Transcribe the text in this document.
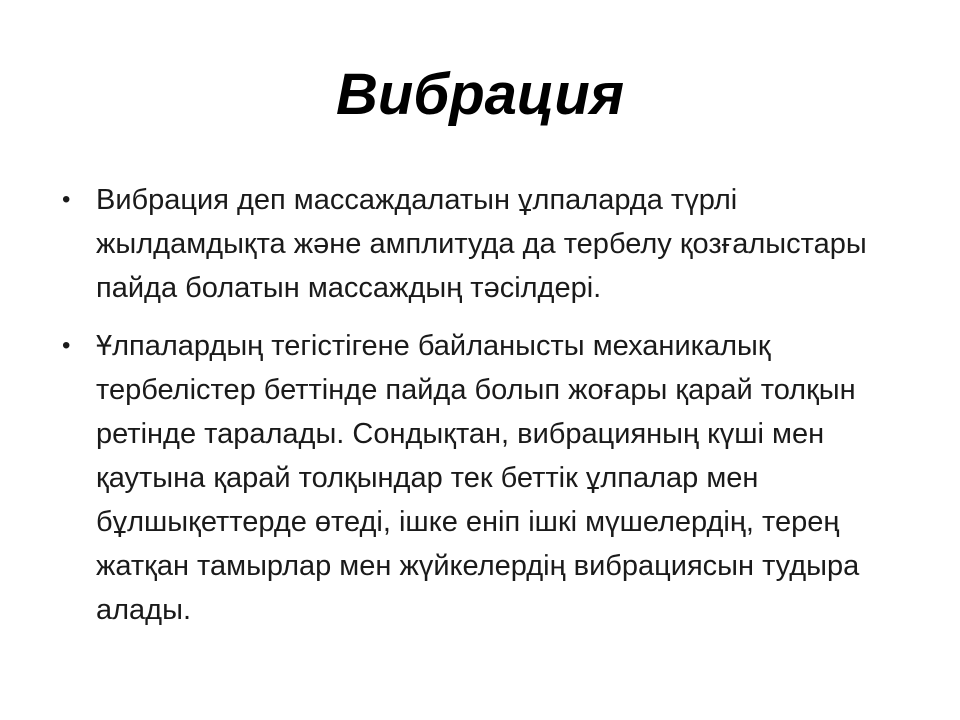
Вибрация
• Вибрация деп массаждалатын ұлпаларда түрлі жылдамдықта және амплитуда да тербелу қозғалыстары пайда болатын массаждың тәсілдері.
• Ұлпалардың тегістігене байланысты механикалық тербелістер беттінде пайда болып жоғары қарай толқын ретінде таралады. Сондықтан, вибрацияның күші мен қаутына қарай толқындар тек беттік ұлпалар мен бұлшықеттерде өтеді, ішке еніп ішкі мүшелердің, терең жатқан тамырлар мен жүйкелердің вибрациясын тудыра алады.
